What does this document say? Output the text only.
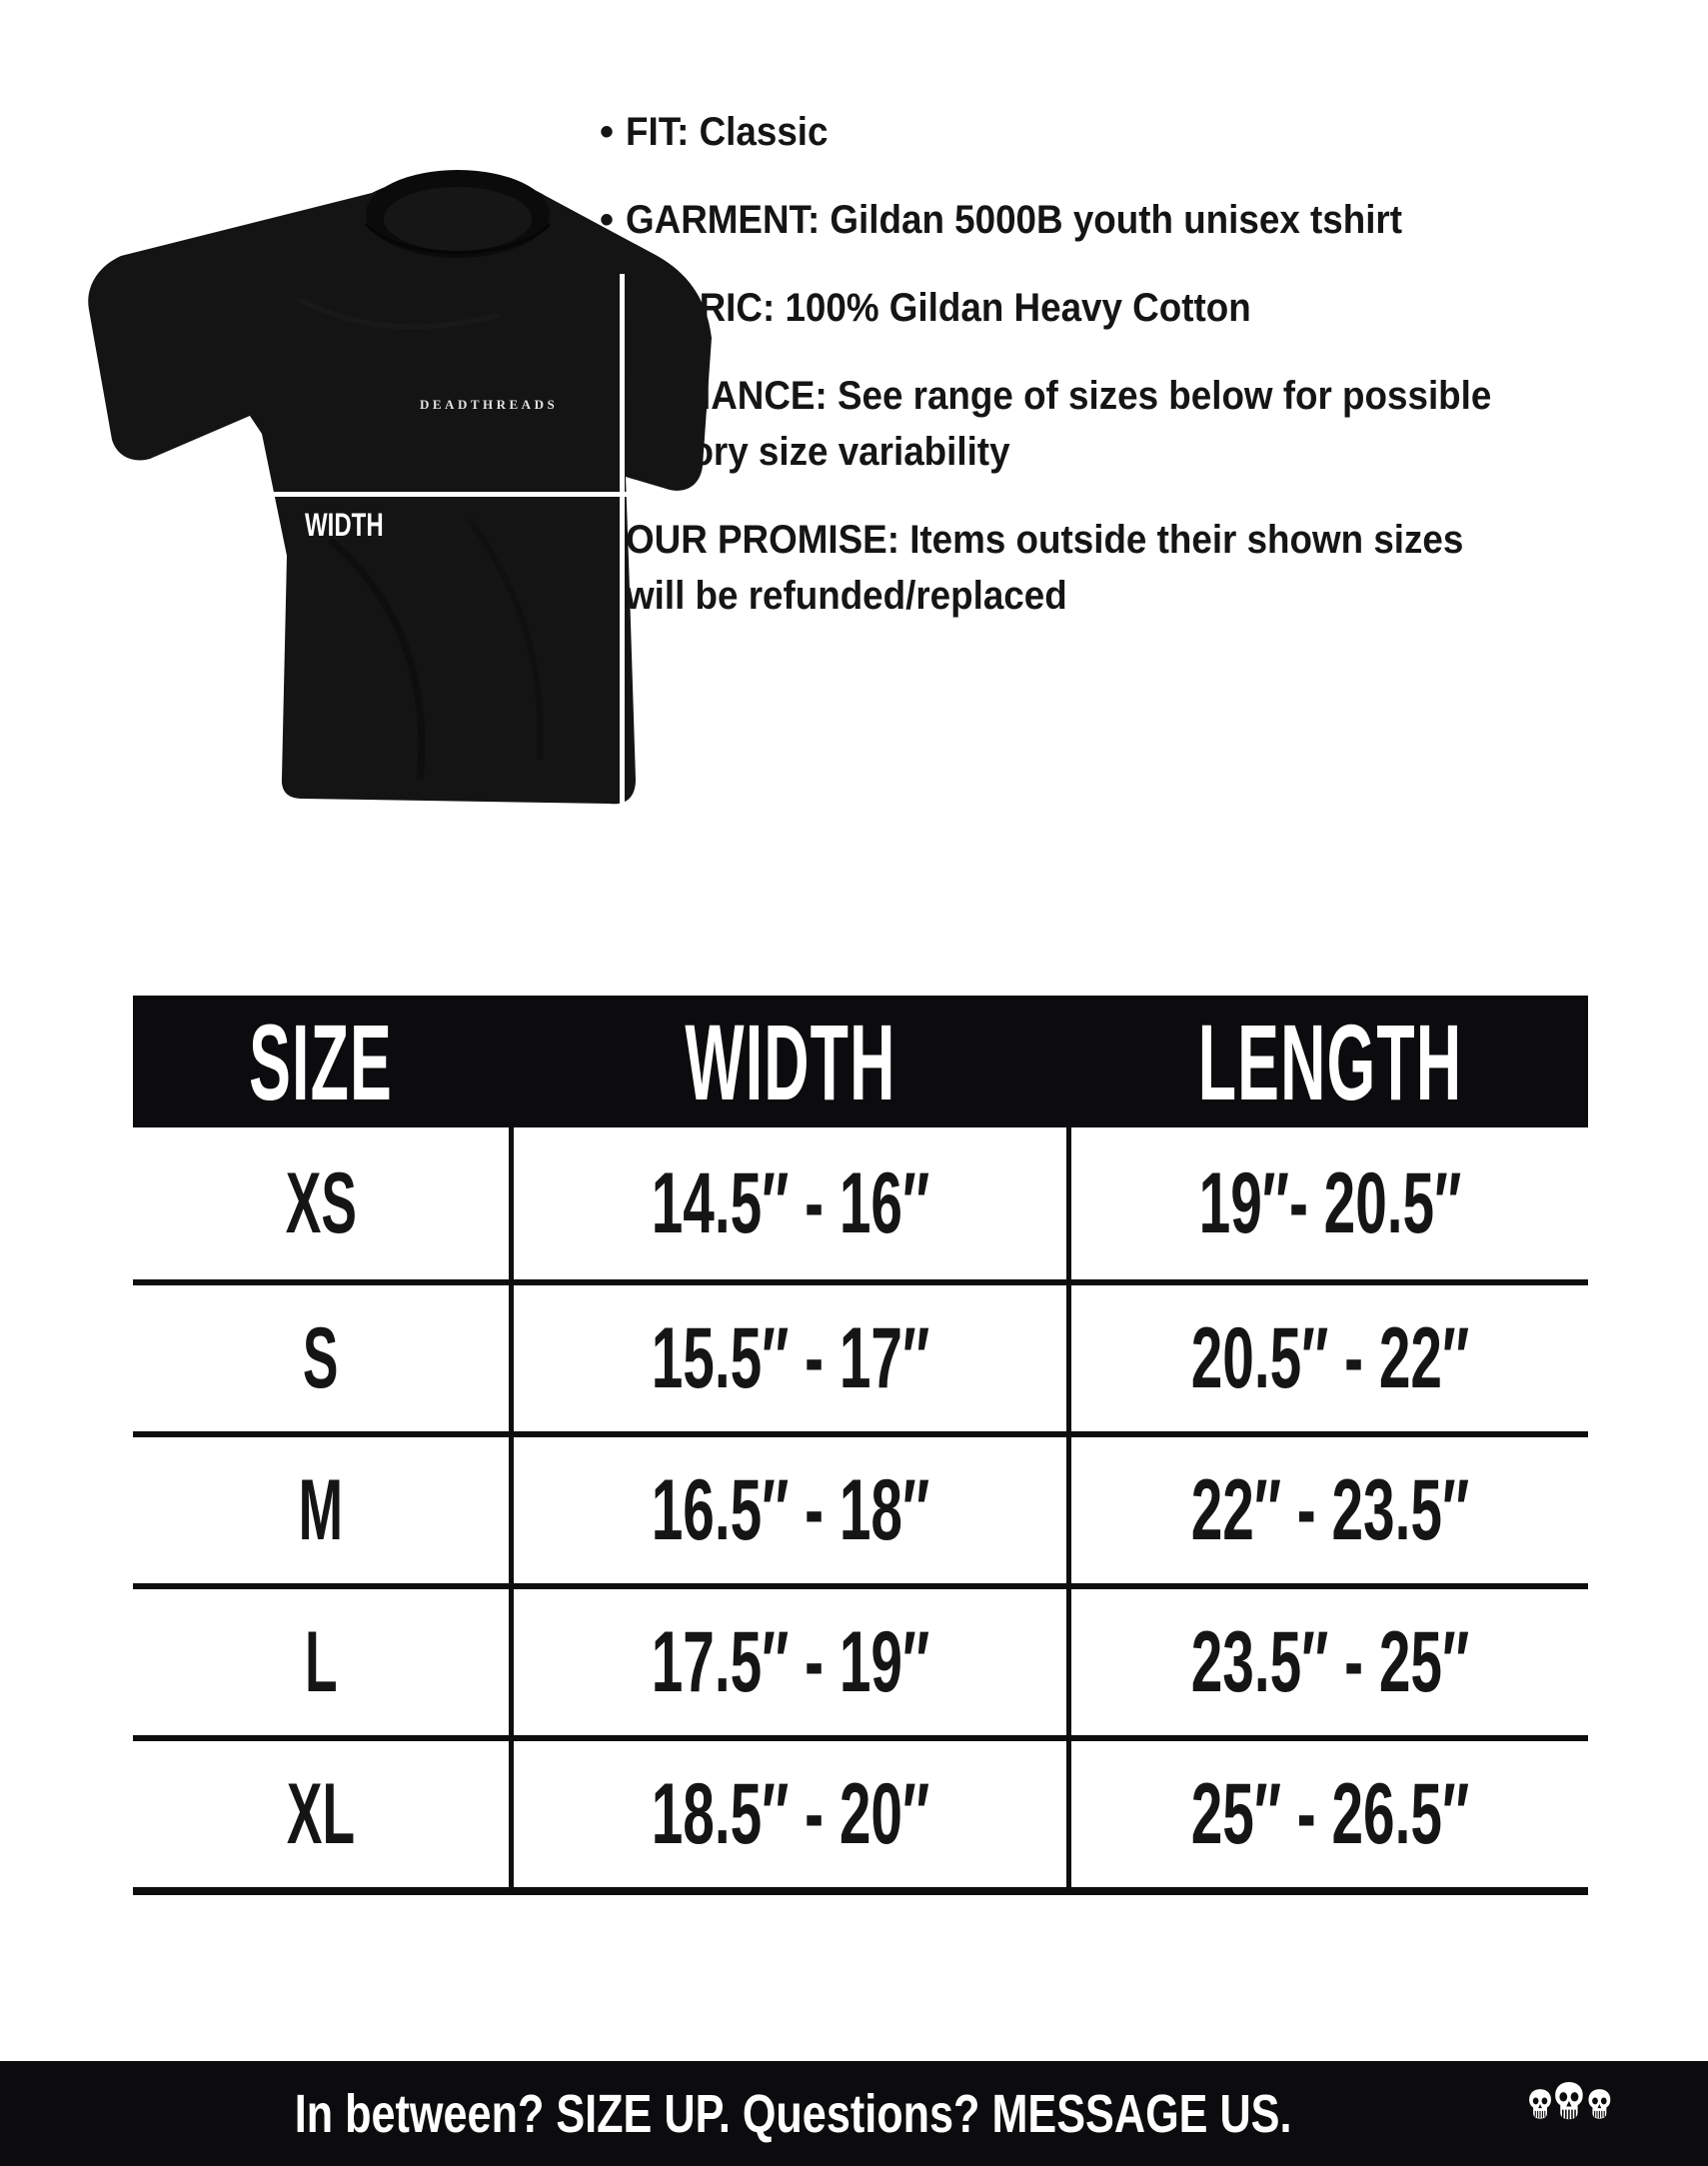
DEADTHREADS
WIDTH
LENGTH
• FIT: Classic
• GARMENT: Gildan 5000B youth unisex tshirt
• FABRIC: 100% Gildan Heavy Cotton
• VARIANCE: See range of sizes below for possible
factory size variability
• OUR PROMISE: Items outside their shown sizes
will be refunded/replaced
SIZE	WIDTH	LENGTH
XS	14.5″ - 16″	19″- 20.5″
S	15.5″ - 17″	20.5″ - 22″
M	16.5″ - 18″	22″ - 23.5″
L	17.5″ - 19″	23.5″ - 25″
XL	18.5″ - 20″	25″ - 26.5″
In between? SIZE UP. Questions? MESSAGE US.
